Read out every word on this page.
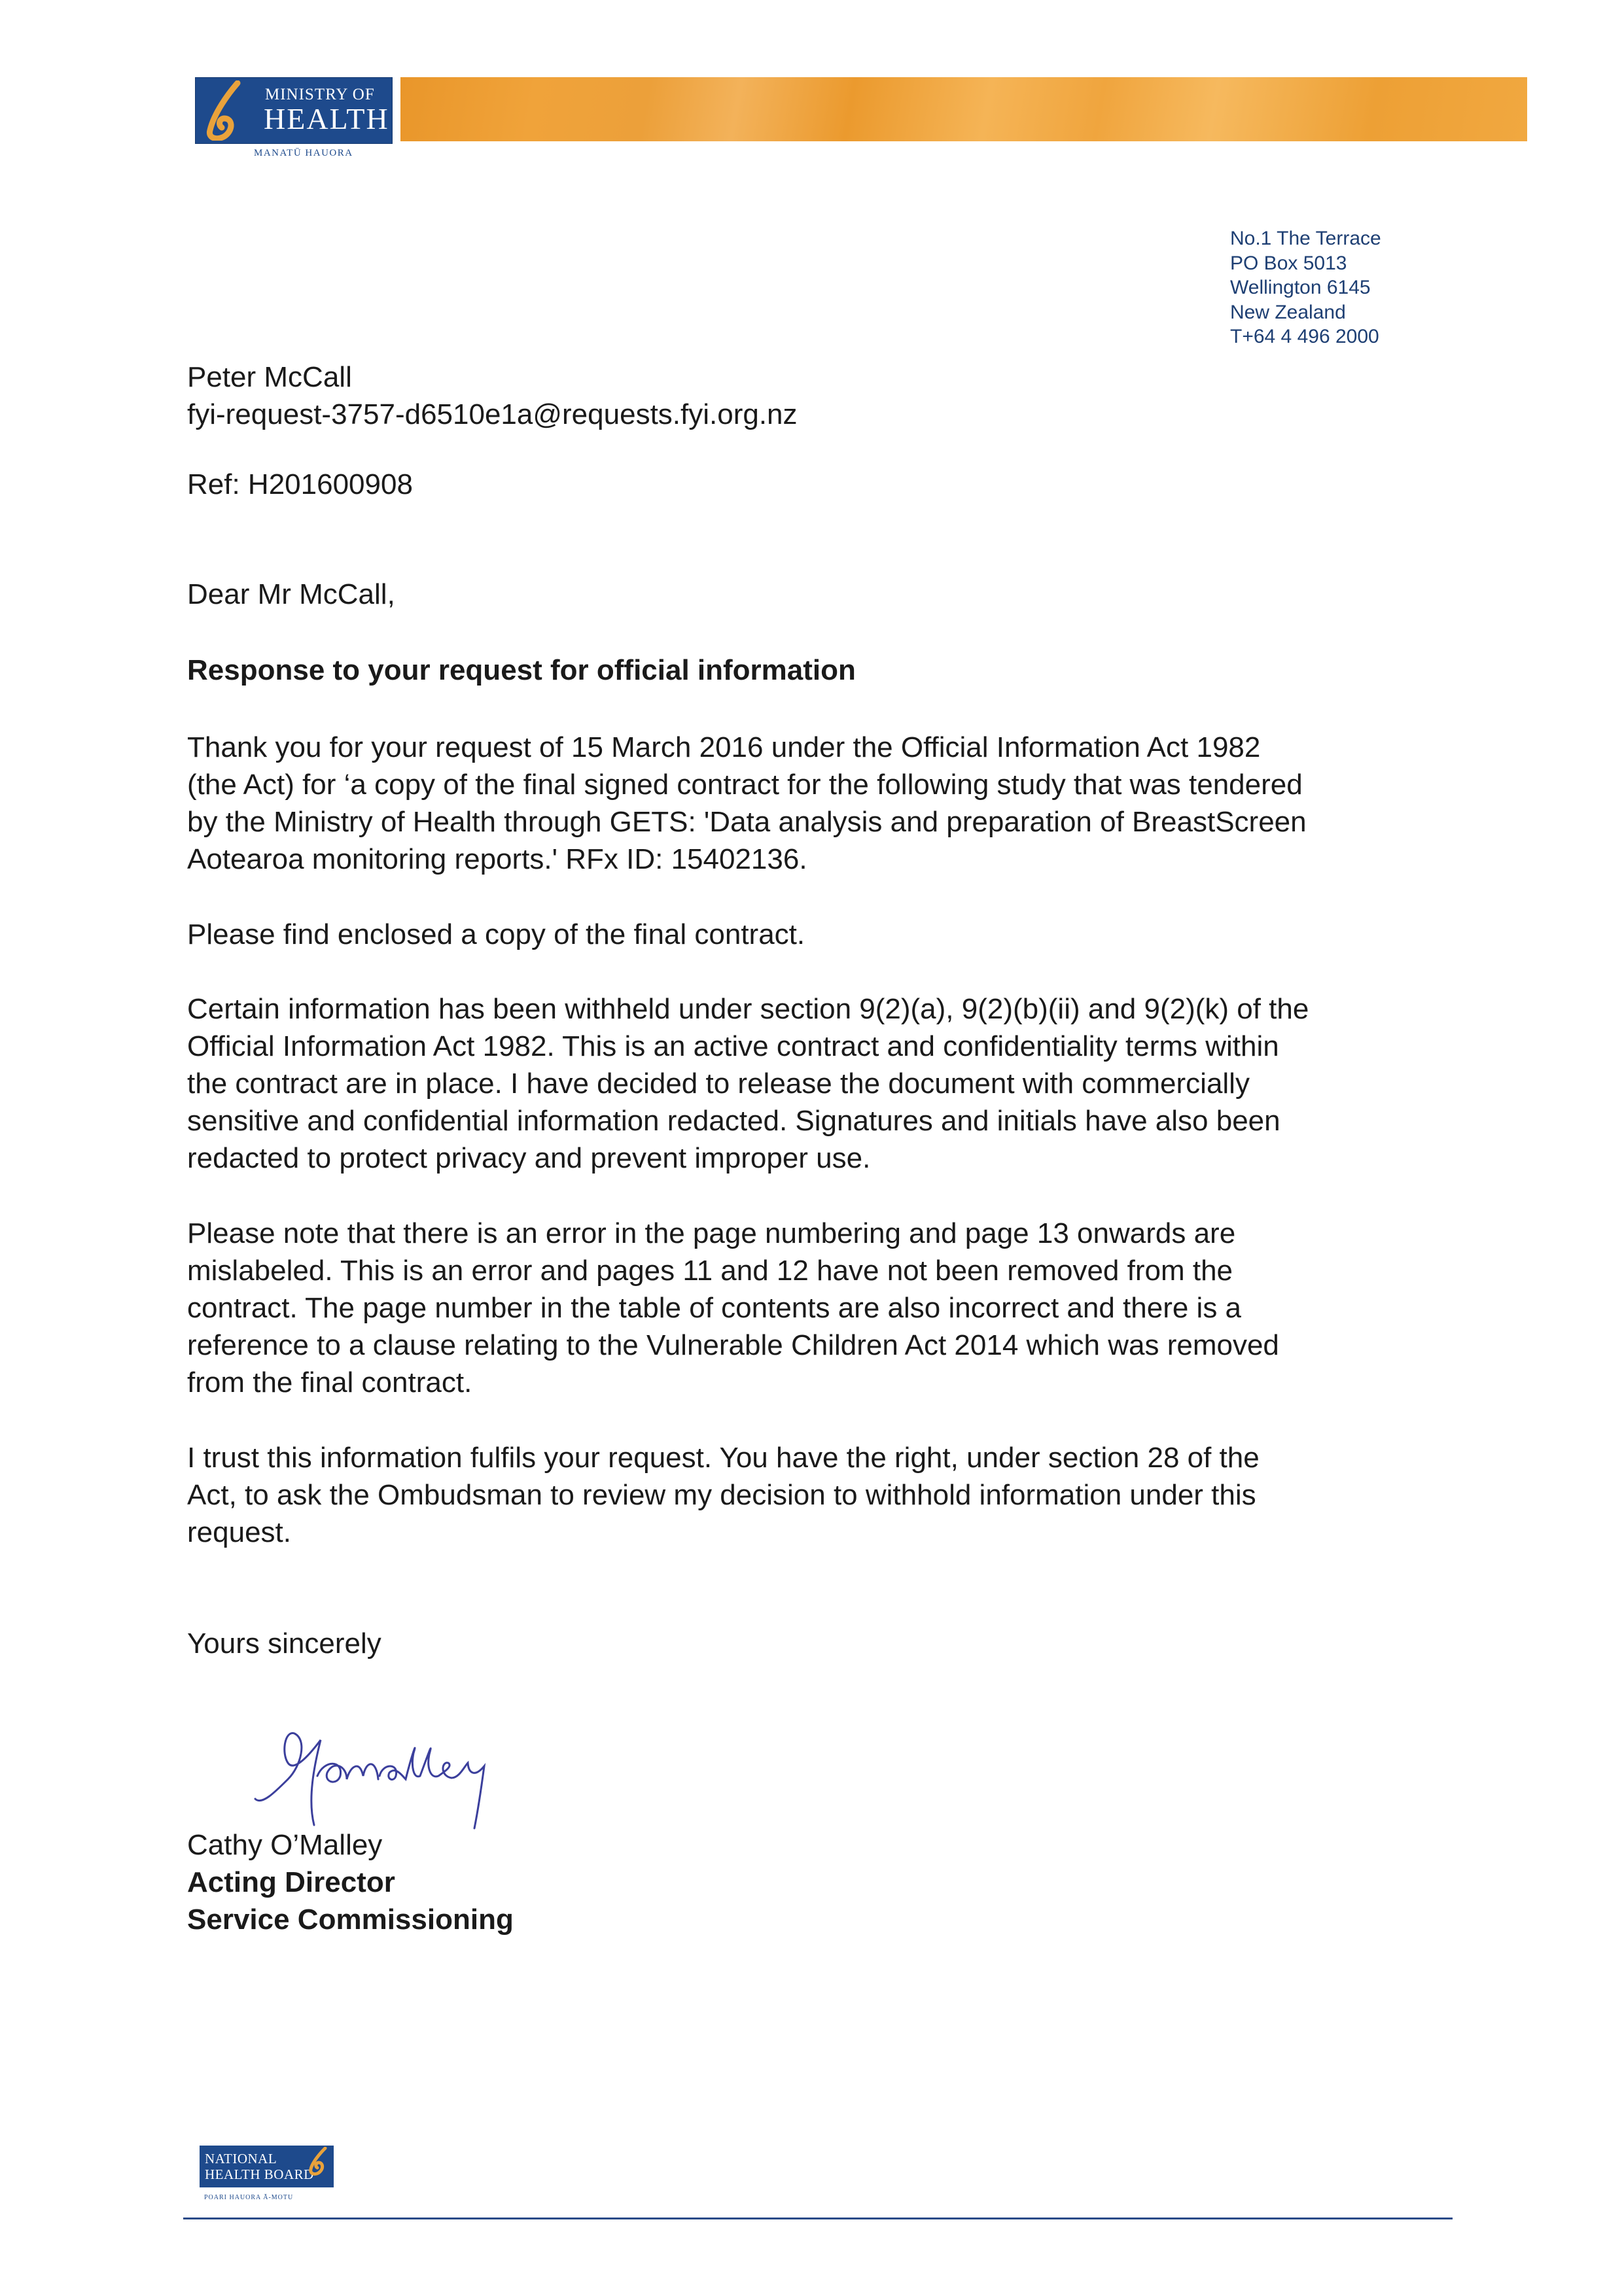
MINISTRY OF
HEALTH
MANATŪ HAUORA
No.1 The Terrace
PO Box 5013
Wellington 6145
New Zealand
T+64 4 496 2000
Peter McCall
fyi-request-3757-d6510e1a@requests.fyi.org.nz
Ref: H201600908
Dear Mr McCall,
Response to your request for official information
Thank you for your request of 15 March 2016 under the Official Information Act 1982
(the Act) for ‘a copy of the final signed contract for the following study that was tendered
by the Ministry of Health through GETS: 'Data analysis and preparation of BreastScreen
Aotearoa monitoring reports.' RFx ID: 15402136.
Please find enclosed a copy of the final contract.
Certain information has been withheld under section 9(2)(a), 9(2)(b)(ii) and 9(2)(k) of the
Official Information Act 1982. This is an active contract and confidentiality terms within
the contract are in place. I have decided to release the document with commercially
sensitive and confidential information redacted. Signatures and initials have also been
redacted to protect privacy and prevent improper use.
Please note that there is an error in the page numbering and page 13 onwards are
mislabeled. This is an error and pages 11 and 12 have not been removed from the
contract. The page number in the table of contents are also incorrect and there is a
reference to a clause relating to the Vulnerable Children Act 2014 which was removed
from the final contract.
I trust this information fulfils your request. You have the right, under section 28 of the
Act, to ask the Ombudsman to review my decision to withhold information under this
request.
Yours sincerely
Cathy O’Malley
Acting Director
Service Commissioning
NATIONAL
HEALTH BOARD
POARI HAUORA Ā-MOTU
